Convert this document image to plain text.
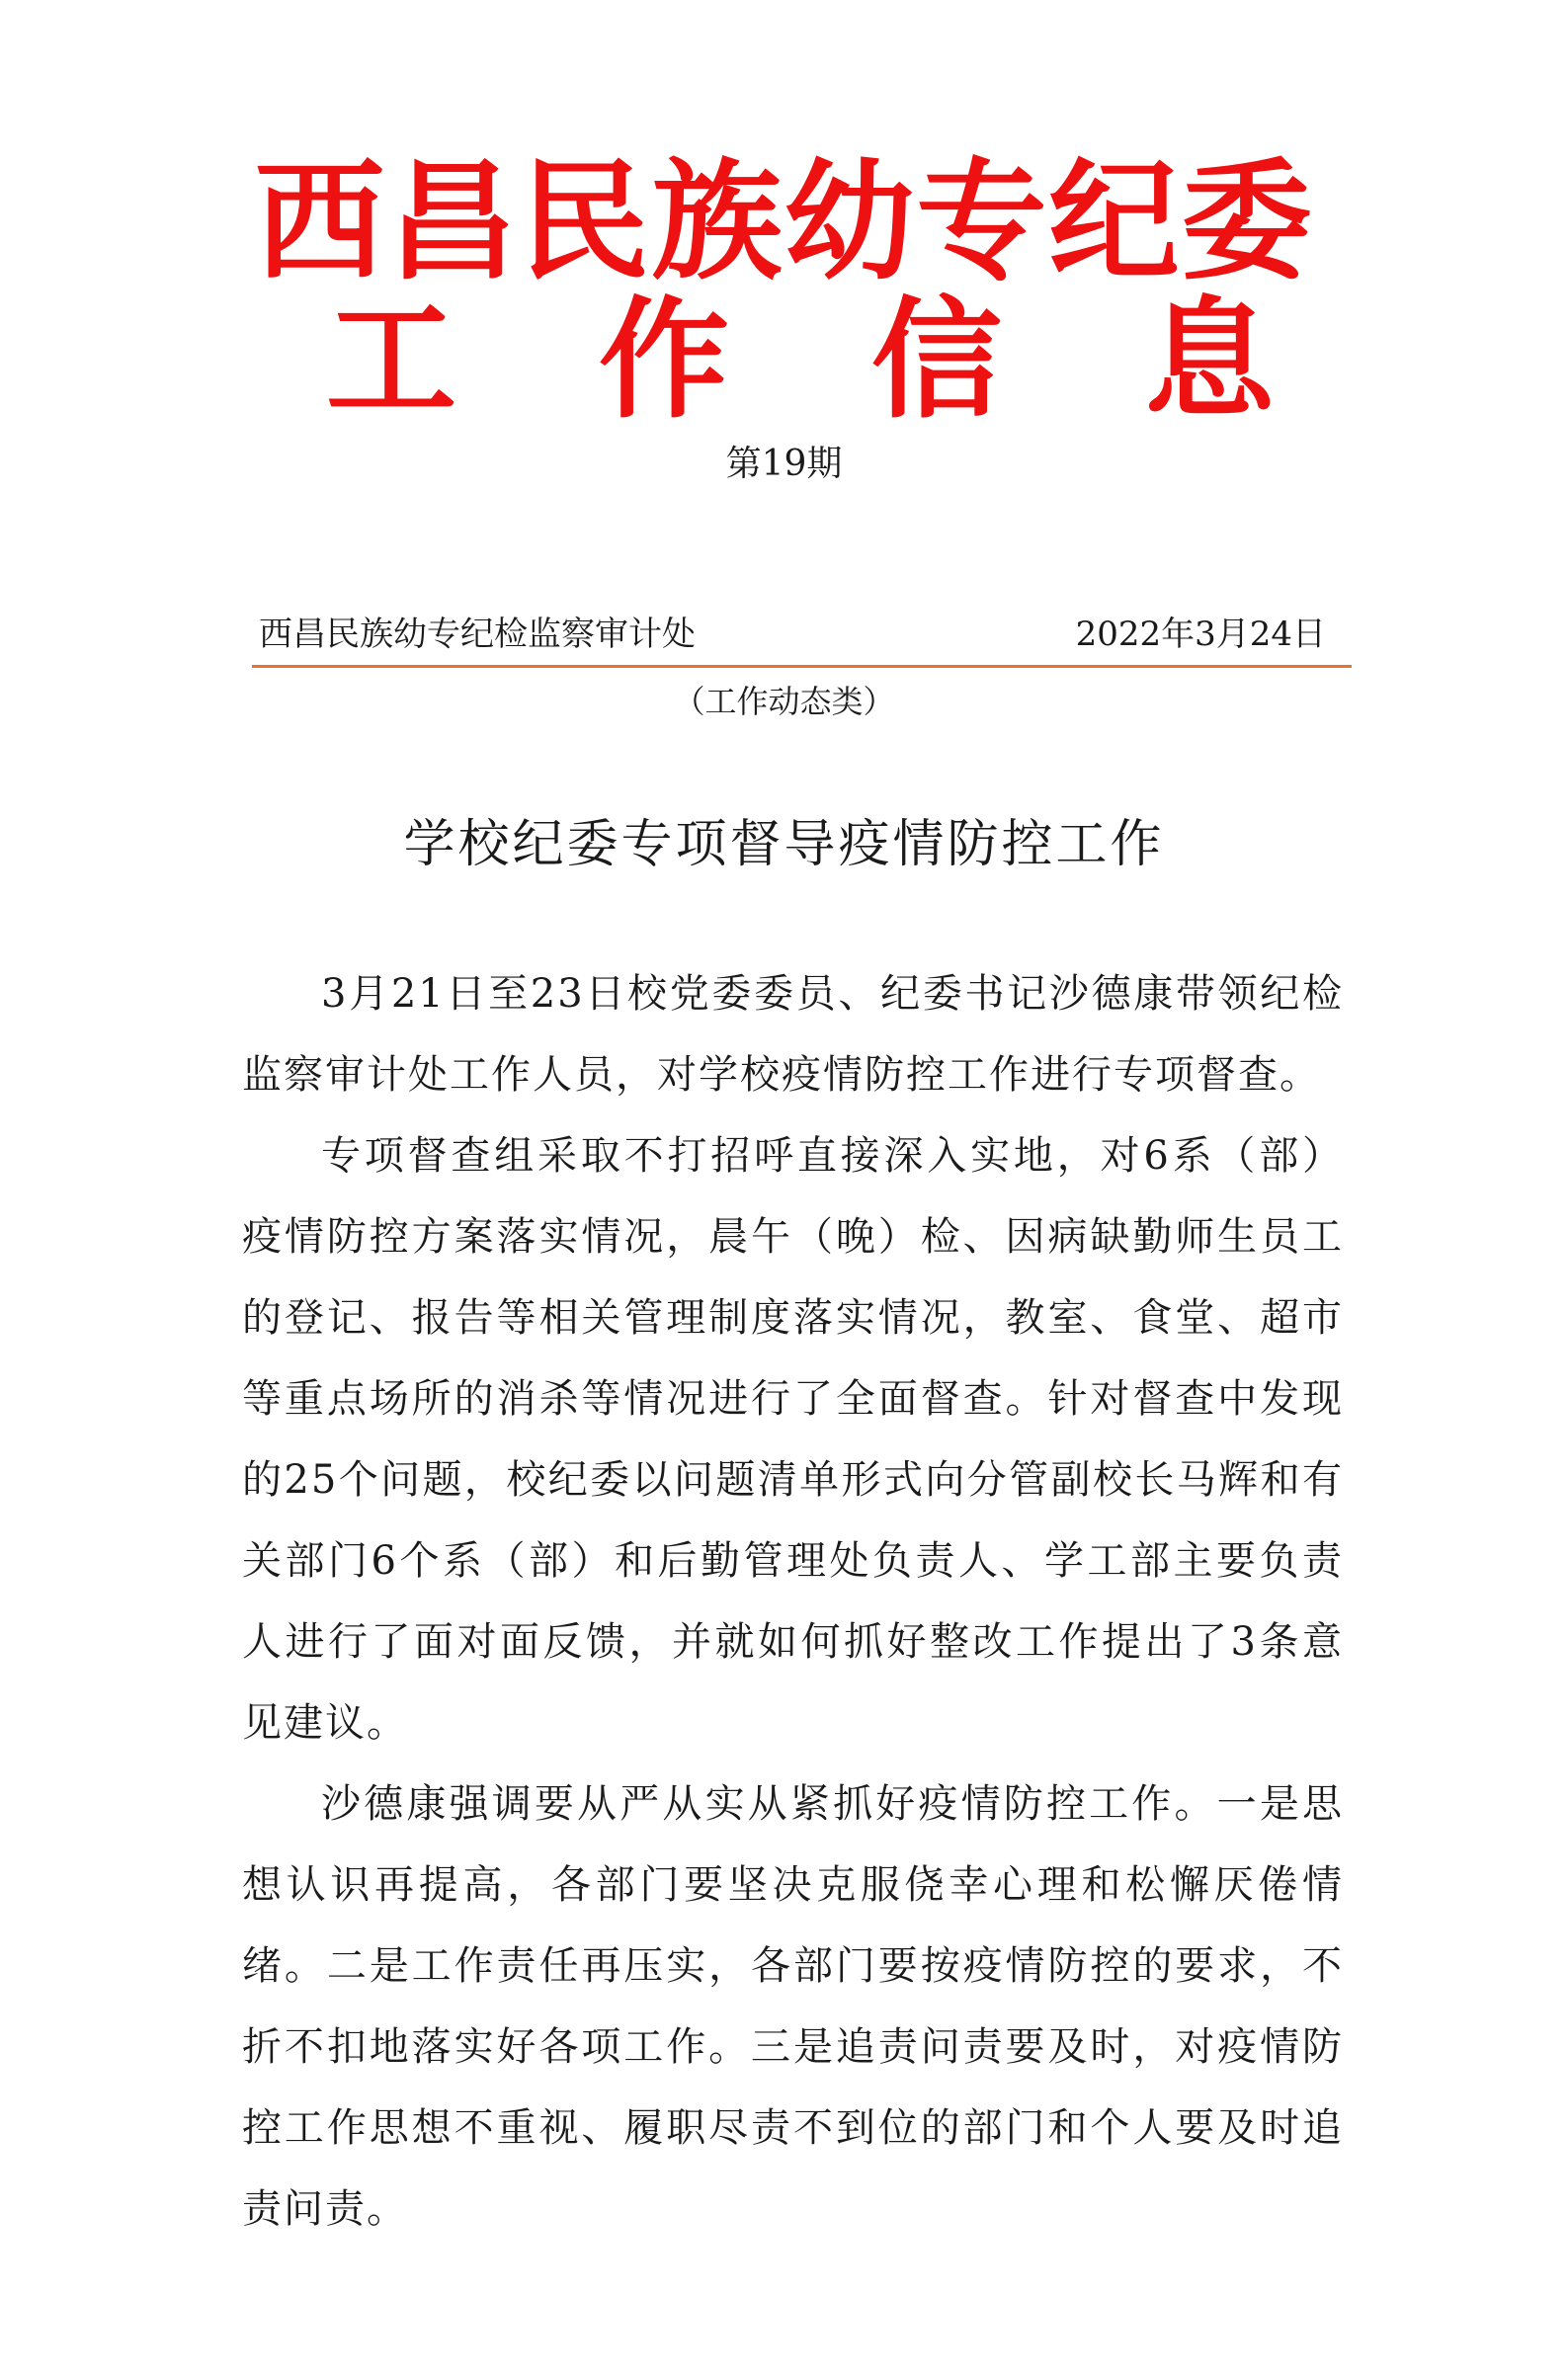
西昌民族幼专纪委
工 作 信 息
第19期
西昌民族幼专纪检监察审计处	2022年3月24日
（工作动态类）
学校纪委专项督导疫情防控工作

3月21日至23日校党委委员、纪委书记沙德康带领纪检监察审计处工作人员，对学校疫情防控工作进行专项督查。

专项督查组采取不打招呼直接深入实地，对6系（部）疫情防控方案落实情况，晨午（晚）检、因病缺勤师生员工的登记、报告等相关管理制度落实情况，教室、食堂、超市等重点场所的消杀等情况进行了全面督查。针对督查中发现的25个问题，校纪委以问题清单形式向分管副校长马辉和有关部门6个系（部）和后勤管理处负责人、学工部主要负责人进行了面对面反馈，并就如何抓好整改工作提出了3条意见建议。

沙德康强调要从严从实从紧抓好疫情防控工作。一是思想认识再提高，各部门要坚决克服侥幸心理和松懈厌倦情绪。二是工作责任再压实，各部门要按疫情防控的要求，不折不扣地落实好各项工作。三是追责问责要及时，对疫情防控工作思想不重视、履职尽责不到位的部门和个人要及时追责问责。
